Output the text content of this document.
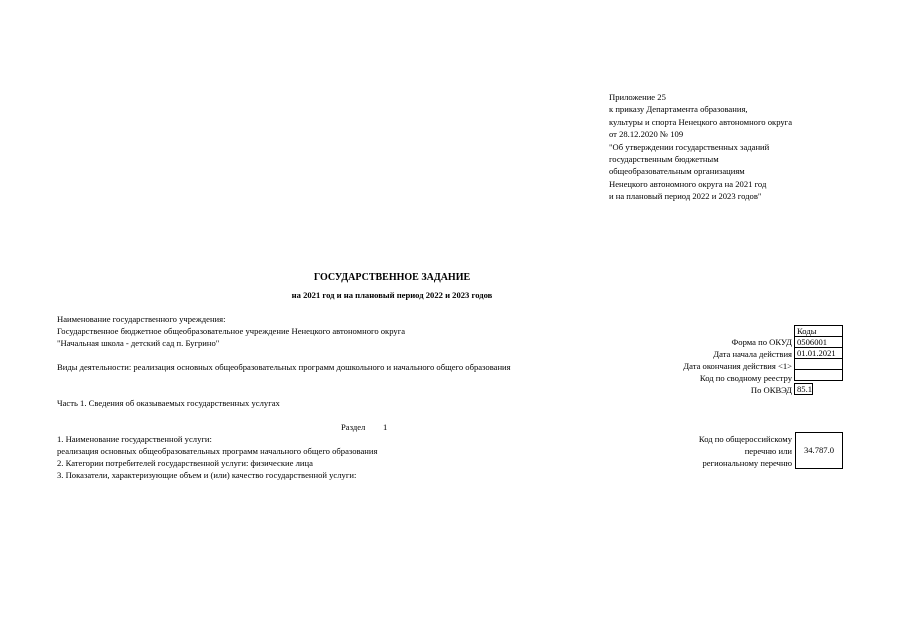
Приложение 25
к приказу Департамента образования,
культуры и спорта Ненецкого автономного округа
от 28.12.2020 № 109
"Об утверждении государственных заданий
государственным бюджетным
общеобразовательным организациям
Ненецкого автономного округа на 2021 год
и на плановый период 2022 и 2023 годов"
ГОСУДАРСТВЕННОЕ ЗАДАНИЕ
на 2021 год и на плановый период 2022 и 2023 годов
Наименование государственного учреждения:
Государственное бюджетное общеобразовательное учреждение Ненецкого автономного округа
"Начальная школа - детский сад п. Бугрино"
Виды деятельности: реализация основных общеобразовательных программ дошкольного и начального общего образования
Часть 1. Сведения об оказываемых государственных услугах
Раздел 1
1. Наименование государственной услуги:
реализация основных общеобразовательных программ начального общего образования
2. Категории потребителей государственной услуги: физические лица
3. Показатели, характеризующие объем и (или) качество государственной услуги:
Коды
Форма по ОКУД 0506001
Дата начала действия 01.01.2021
Дата окончания действия <1>
Код по сводному реестру
По ОКВЭД 85.1
Код по общероссийскому
перечню или
региональному перечню
34.787.0
